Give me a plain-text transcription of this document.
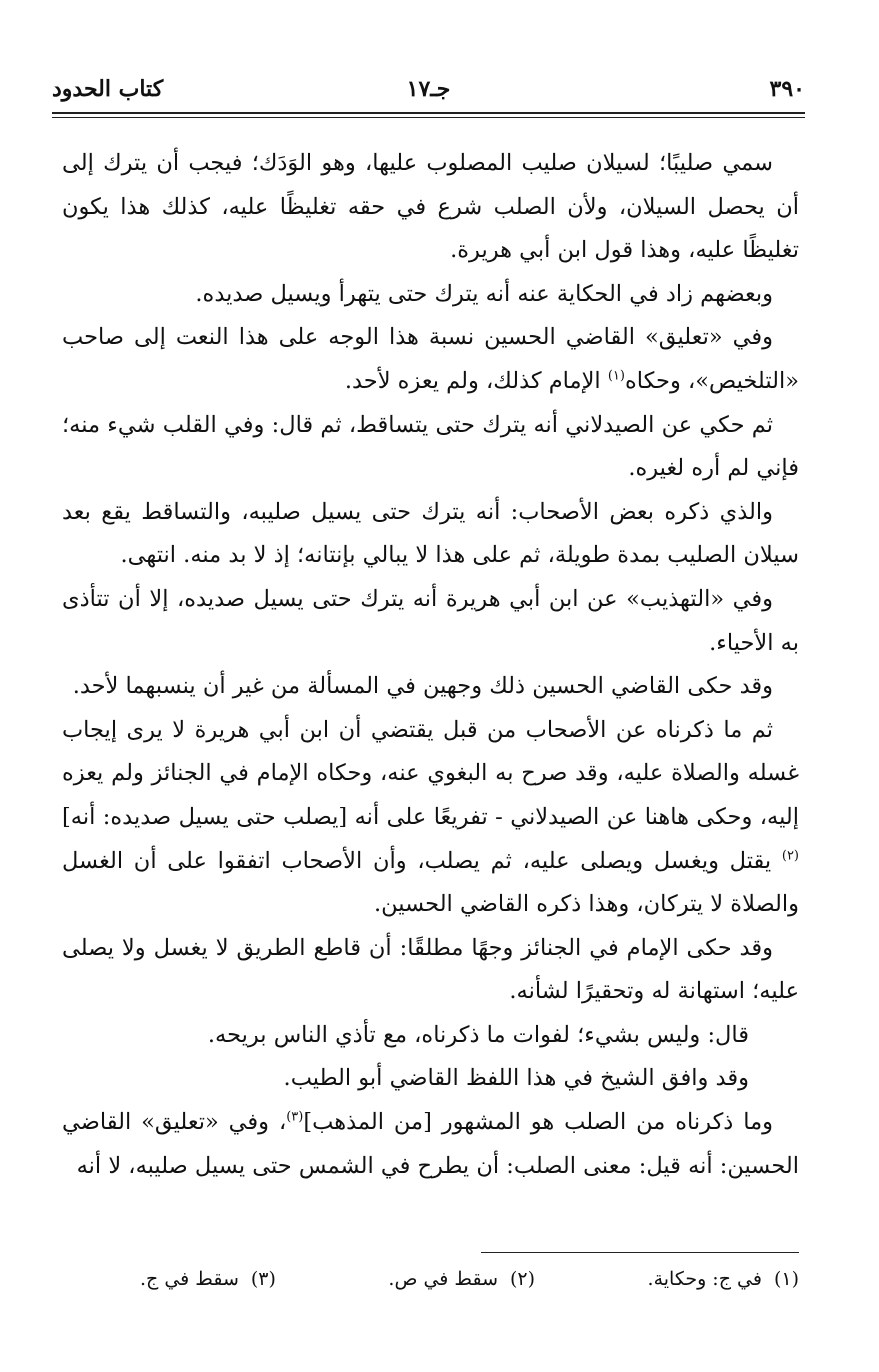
٣٩٠
جـ١٧
كتاب الحدود

سمي صليبًا؛ لسيلان صليب المصلوب عليها، وهو الوَدَك؛ فيجب أن يترك إلى أن يحصل السيلان، ولأن الصلب شرع في حقه تغليظًا عليه، كذلك هذا يكون تغليظًا عليه، وهذا قول ابن أبي هريرة.

وبعضهم زاد في الحكاية عنه أنه يترك حتى يتهرأ ويسيل صديده.

وفي «تعليق» القاضي الحسين نسبة هذا الوجه على هذا النعت إلى صاحب «التلخيص»، وحكاه$^{(١)}$ الإمام كذلك، ولم يعزه لأحد.

ثم حكي عن الصيدلاني أنه يترك حتى يتساقط، ثم قال: وفي القلب شيء منه؛ فإني لم أره لغيره.

والذي ذكره بعض الأصحاب: أنه يترك حتى يسيل صليبه، والتساقط يقع بعد سيلان الصليب بمدة طويلة، ثم على هذا لا يبالي بإنتانه؛ إذ لا بد منه. انتهى.

وفي «التهذيب» عن ابن أبي هريرة أنه يترك حتى يسيل صديده، إلا أن تتأذى به الأحياء.

وقد حكى القاضي الحسين ذلك وجهين في المسألة من غير أن ينسبهما لأحد.

ثم ما ذكرناه عن الأصحاب من قبل يقتضي أن ابن أبي هريرة لا يرى إيجاب غسله والصلاة عليه، وقد صرح به البغوي عنه، وحكاه الإمام في الجنائز ولم يعزه إليه، وحكى هاهنا عن الصيدلاني - تفريعًا على أنه [يصلب حتى يسيل صديده: أنه]$^{(٢)}$ يقتل ويغسل ويصلى عليه، ثم يصلب، وأن الأصحاب اتفقوا على أن الغسل والصلاة لا يتركان، وهذا ذكره القاضي الحسين.

وقد حكى الإمام في الجنائز وجهًا مطلقًا: أن قاطع الطريق لا يغسل ولا يصلى عليه؛ استهانة له وتحقيرًا لشأنه.

قال: وليس بشيء؛ لفوات ما ذكرناه، مع تأذي الناس بريحه.

وقد وافق الشيخ في هذا اللفظ القاضي أبو الطيب.

وما ذكرناه من الصلب هو المشهور [من المذهب]$^{(٣)}$، وفي «تعليق» القاضي الحسين: أنه قيل: معنى الصلب: أن يطرح في الشمس حتى يسيل صليبه، لا أنه

(١)في ج: وحكاية.
(٢)سقط في ص.
(٣)سقط في ج.
